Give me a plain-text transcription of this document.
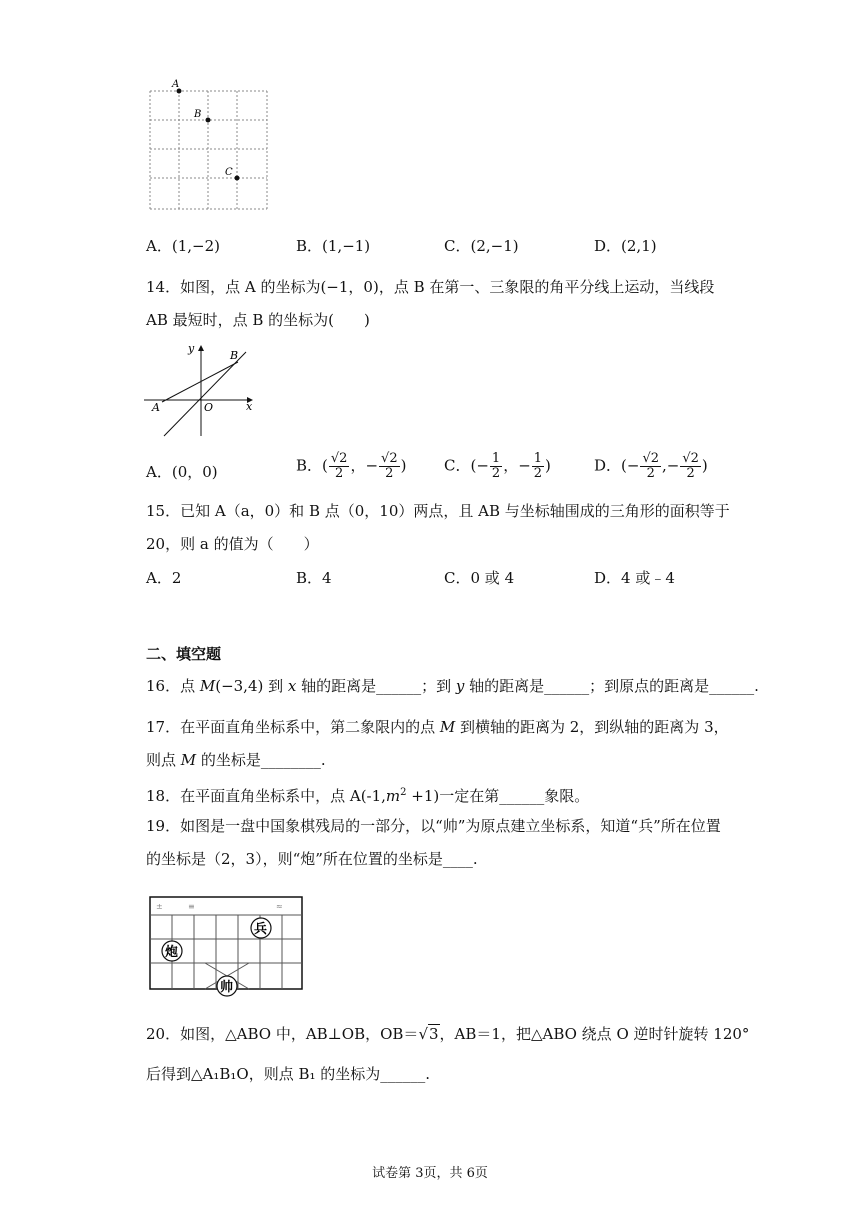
A
B
C
A．(1,−2)	B．(1,−1)	C．(2,−1)	D．(2,1)
14．如图，点 A 的坐标为(−1，0)，点 B 在第一、三象限的角平分线上运动，当线段
AB 最短时，点 B 的坐标为(　　)
y
B
A	O	x
A．(0，0)	B．( $\frac{√2}{2}$ ，− $\frac{√2}{2}$ )	C．(− $\frac{1}{2}$ ，− $\frac{1}{2}$ )	D．(− $\frac{√2}{2}$ ,− $\frac{√2}{2}$ )
15．已知 A（a，0）和 B 点（0，10）两点，且 AB 与坐标轴围成的三角形的面积等于
20，则 a 的值为（　　）
A．2	B．4	C．0 或 4	D．4 或﹣4
二、填空题
16．点 M(−3,4) 到 x 轴的距离是______；到 y 轴的距离是______；到原点的距离是______.
17．在平面直角坐标系中，第二象限内的点 M 到横轴的距离为 2，到纵轴的距离为 3，
则点 M 的坐标是________.
18．在平面直角坐标系中，点 $A(-1,m^2 +1)$一定在第______象限。
19．如图是一盘中国象棋残局的一部分，以“帅”为原点建立坐标系，知道“兵”所在位置
的坐标是（2，3），则“炮”所在位置的坐标是____.
±	≡	≈
兵
炮
帅
20．如图，△ABO 中，AB⊥OB，OB＝√3，AB＝1，把△ABO 绕点 O 逆时针旋转 120°
后得到△A₁B₁O，则点 B₁ 的坐标为______.
试卷第 3页，共 6页
